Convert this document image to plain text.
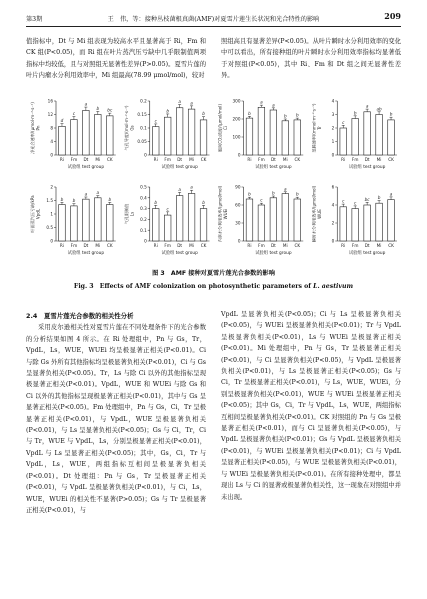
第3期	王　伟，等：接种丛枝菌根真菌(AMF)对夏雪片莲生长状况和光合特性的影响	209

值指标中，Dt 与 Mi 组表现为较高水平且显著高于 Ri，Fm 和 CK 组(P<0.05)，而 Ri 组在叶片蒸汽压亏缺中几乎限制值两项指标中均较低，且与对照组无显著性差异(P>0.05)。夏雪片莲的叶片内瘤水分利用效率中，Mi 组最高(78.99 μmol/mol)，较对

照组高且有显著差异(P<0.05)。从叶片瞬时水分利用效率的变化中可以看出，所有接种组的叶片瞬时水分利用效率指标均显著低于对照组(P<0.05)，其中 Ri、Fm 和 Dt 组之间无显著性差异。

0
4
8
12
16
d
Ri
c
Fm
a
Dt
b
Mi
bc
CK
试验组 test group
净光合速率/(μmol·m⁻²·s⁻¹)Pn
0
0.05
0.1
0.15
0.2
c
Ri
b
Fm
a
Dt
a
Mi
b
CK
试验组 test group
气孔导度/(mol·m⁻²·s⁻¹)Gs
0
100
200
300
b
Ri
a
Fm
a
Dt
b
Mi
b
CK
试验组 test group
胞间CO₂浓度/(μmol/mol)Ci
0
1
2
3
4
c
Ri
b
Fm
a
Dt
ab
Mi
b
CK
试验组 test group
蒸腾速率/(mmol·m⁻²·s⁻¹)Tr
0
0.5
1
1.5
2
b
Ri
b
Fm
a
Dt
a
Mi
b
CK
试验组 test group
叶面蒸汽压亏缺/kPaVpdL
0
0.1
0.2
0.3
0.4
0.5
b
Ri
c
Fm
a
Dt
a
Mi
b
CK
试验组 test group
气孔限制值Ls
0
30
60
90
b
Ri
c
Fm
b
Dt
a
Mi
b
CK
试验组 test group
内禀水分利用效率/(μmol/mol)WUEi
0
2
4
6
c
Ri
c
Fm
bc
Dt
b
Mi
a
CK
试验组 test group
瞬时水分利用效率/(μmol/mol)WUE
图 3　AMF 接种对夏雪片莲光合参数的影响
Fig. 3　Effects of AMF colonization on photosynthetic parameters of L. aestivum
2.4 夏雪片莲光合参数的相关性分析

采用皮尔逊相关性对夏雪片莲在不同处理条件下的光合参数的分析结果如图 4 所示。在 Ri 处理组中，Pn 与 Gs，Tr，VpdL，Ls，WUE，WUEi 均呈极显著正相关(P<0.01)。Ci 与除 Gs 外所有其他指标均呈极显著负相关(P<0.01)，Ci 与 Gs 呈显著负相关(P<0.05)。Tr，Ls 与除 Ci 以外的其他指标呈现极显著正相关(P<0.01)。VpdL，WUE 和 WUEi 与除 Gs 和 Ci 以外的其他指标呈现极显著正相关(P<0.01)，其中与 Gs 呈显著正相关(P<0.05)。Fm 处理组中，Pn 与 Gs，Ci，Tr 呈极显著正相关(P<0.01)，与 VpdL，WUE 呈极显著负相关(P<0.01)，与 Ls 呈显著负相关(P<0.05)；Gs 与 Ci，Tr，Ci 与 Tr，WUE 与 VpdL，Ls，分别呈极显著正相关(P<0.01)，VpdL 与 Ls 呈显著正相关(P<0.05)；其中，Gs，Ci，Tr 与 VpdL，Ls，WUE，两组指标互相间呈极显著负相关(P<0.01)。Dt 处理组：Pn 与 Gs，Tr 呈极显著正相关(P<0.01)，与 VpdL 呈极显著负相关(P<0.01)，与 Ci，Ls，WUE，WUEi 的相关性不显著(P>0.05)；Gs 与 Tr 呈极显著正相关(P<0.01)，与

VpdL 呈显著负相关(P<0.05)；Ci 与 Ls 呈极显著负相关(P<0.05)，与 WUEi 呈极显著负相关(P<0.01)；Tr 与 VpdL 呈极显著负相关(P<0.01)，Ls 与 WUEi 呈极显著正相关(P<0.01)。Mi 处理组中，Pn 与 Gs，Tr 呈极显著正相关(P<0.01)，与 Ci 呈显著负相关(P<0.05)，与 VpdL 呈极显著负相关(P<0.01)，与 Ls 呈极显著正相关(P<0.05)；Gs 与 Ci，Tr 呈极显著正相关(P<0.01)，与 Ls，WUE，WUEi，分别呈极显著负相关(P<0.01)，WUE 与 WUEi 呈极显著正相关(P<0.05)；其中 Gs，Ci，Tr 与 VpdL，Ls，WUE，两组指标互相间呈极显著负相关(P<0.01)。CK 对照组的 Pn 与 Gs 呈极显著正相关(P<0.01)，而与 Ci 呈显著负相关(P<0.05)，与 VpdL 呈极显著负相关(P<0.01)；Gs 与 VpdL 呈极显著负相关(P<0.01)，与 WUEi 呈极显著负相关(P<0.01)；Ci 与 VpdL 呈显著正相关(P<0.05)，与 WUE 呈极显著负相关(P<0.01)，与 WUEi 呈极显著负相关(P<0.01)。在所有接种处理中，都呈现出 Ls 与 Ci 的显著或极显著负相关性，这一现象在对照组中并未出现。
